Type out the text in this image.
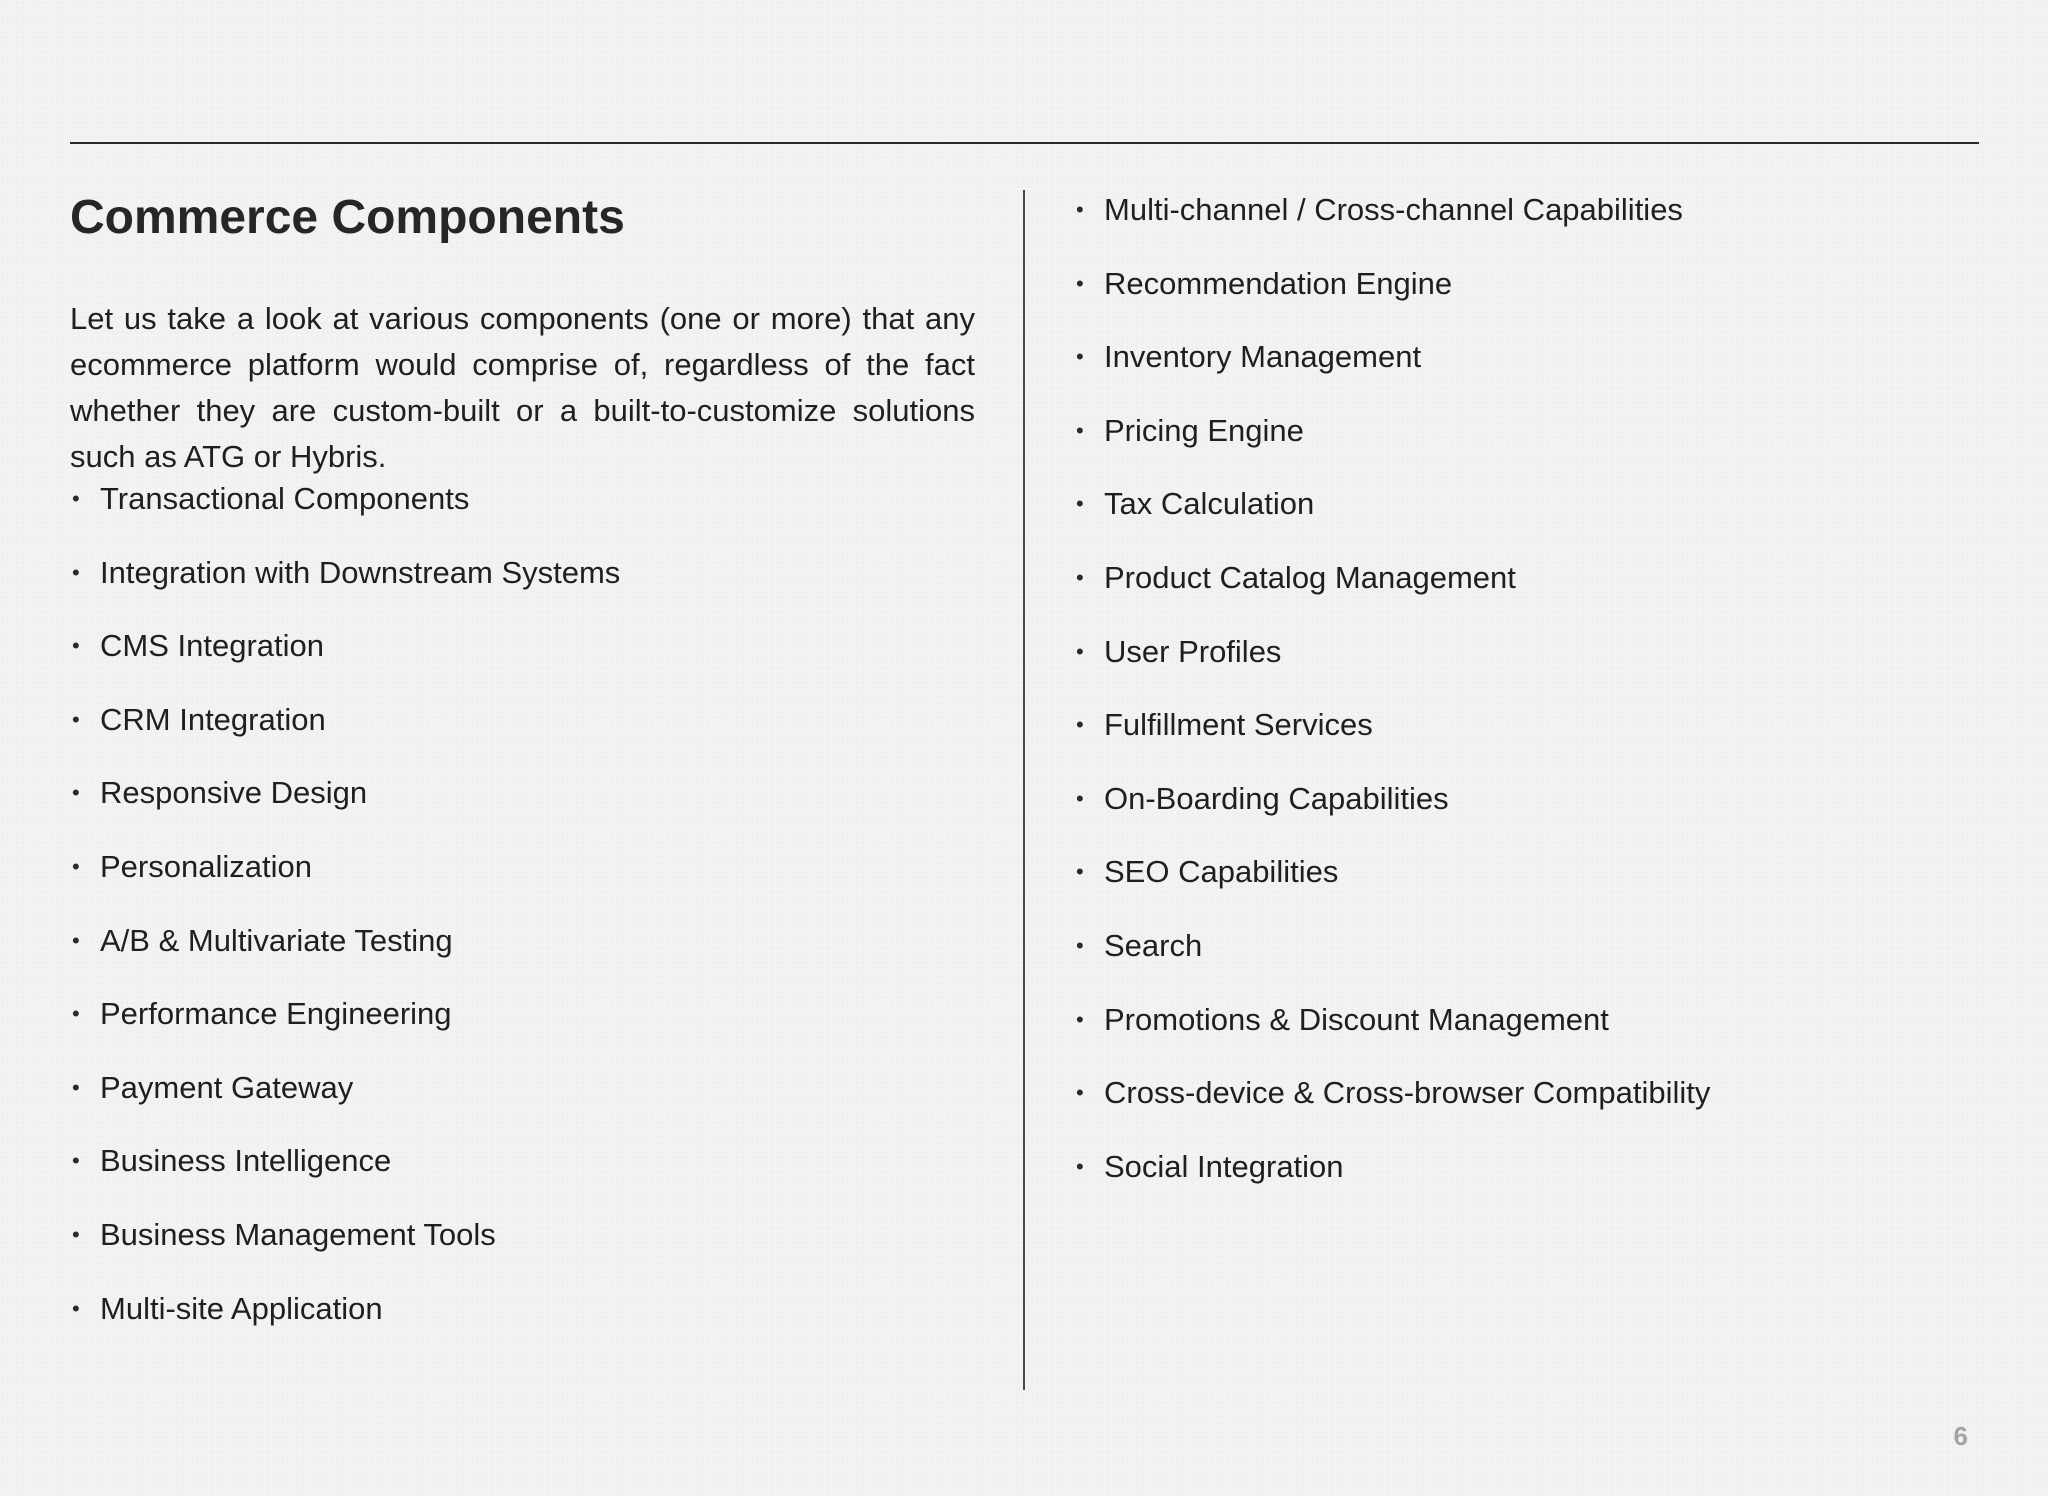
Commerce Components

Let us take a look at various components (one or more) that any ecommerce platform would comprise of, regardless of the fact whether they are custom-built or a built-to-customize solutions such as ATG or Hybris.

• Transactional Components
• Integration with Downstream Systems
• CMS Integration
• CRM Integration
• Responsive Design
• Personalization
• A/B & Multivariate Testing
• Performance Engineering
• Payment Gateway
• Business Intelligence
• Business Management Tools
• Multi-site Application
• Multi-channel / Cross-channel Capabilities
• Recommendation Engine
• Inventory Management
• Pricing Engine
• Tax Calculation
• Product Catalog Management
• User Profiles
• Fulfillment Services
• On-Boarding Capabilities
• SEO Capabilities
• Search
• Promotions & Discount Management
• Cross-device & Cross-browser Compatibility
• Social Integration
6
